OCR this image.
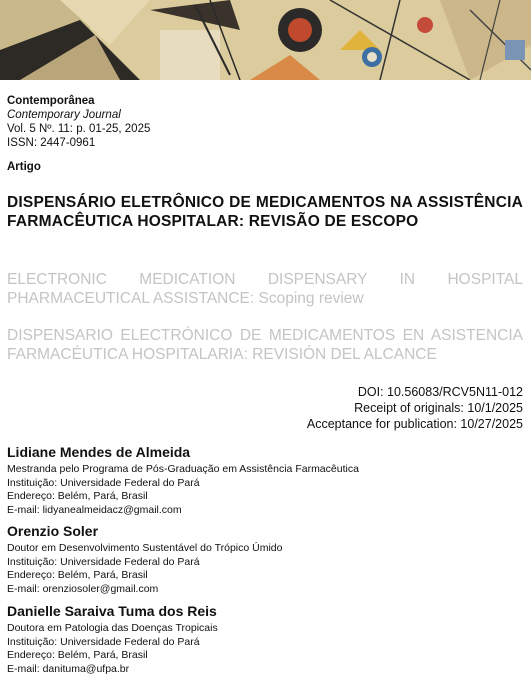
Contemporânea
Contemporary Journal
Vol. 5 Nº. 11: p. 01-25, 2025
ISSN: 2447-0961
Artigo
DISPENSÁRIO ELETRÔNICO DE MEDICAMENTOS NA ASSISTÊNCIA FARMACÊUTICA HOSPITALAR: REVISÃO DE ESCOPO
ELECTRONIC MEDICATION DISPENSARY IN HOSPITAL PHARMACEUTICAL ASSISTANCE: Scoping review
DISPENSARIO ELECTRÓNICO DE MEDICAMENTOS EN ASISTENCIA FARMACÉUTICA HOSPITALARIA: REVISIÓN DEL ALCANCE
DOI: 10.56083/RCV5N11-012
Receipt of originals: 10/1/2025
Acceptance for publication: 10/27/2025
Lidiane Mendes de Almeida
Mestranda pelo Programa de Pós-Graduação em Assistência Farmacêutica
Instituição: Universidade Federal do Pará
Endereço: Belém, Pará, Brasil
E-mail: lidyanealmeidacz@gmail.com
Orenzio Soler
Doutor em Desenvolvimento Sustentável do Trópico Úmido
Instituição: Universidade Federal do Pará
Endereço: Belém, Pará, Brasil
E-mail: orenziosoler@gmail.com
Danielle Saraiva Tuma dos Reis
Doutora em Patologia das Doenças Tropicais
Instituição: Universidade Federal do Pará
Endereço: Belém, Pará, Brasil
E-mail: danituma@ufpa.br
